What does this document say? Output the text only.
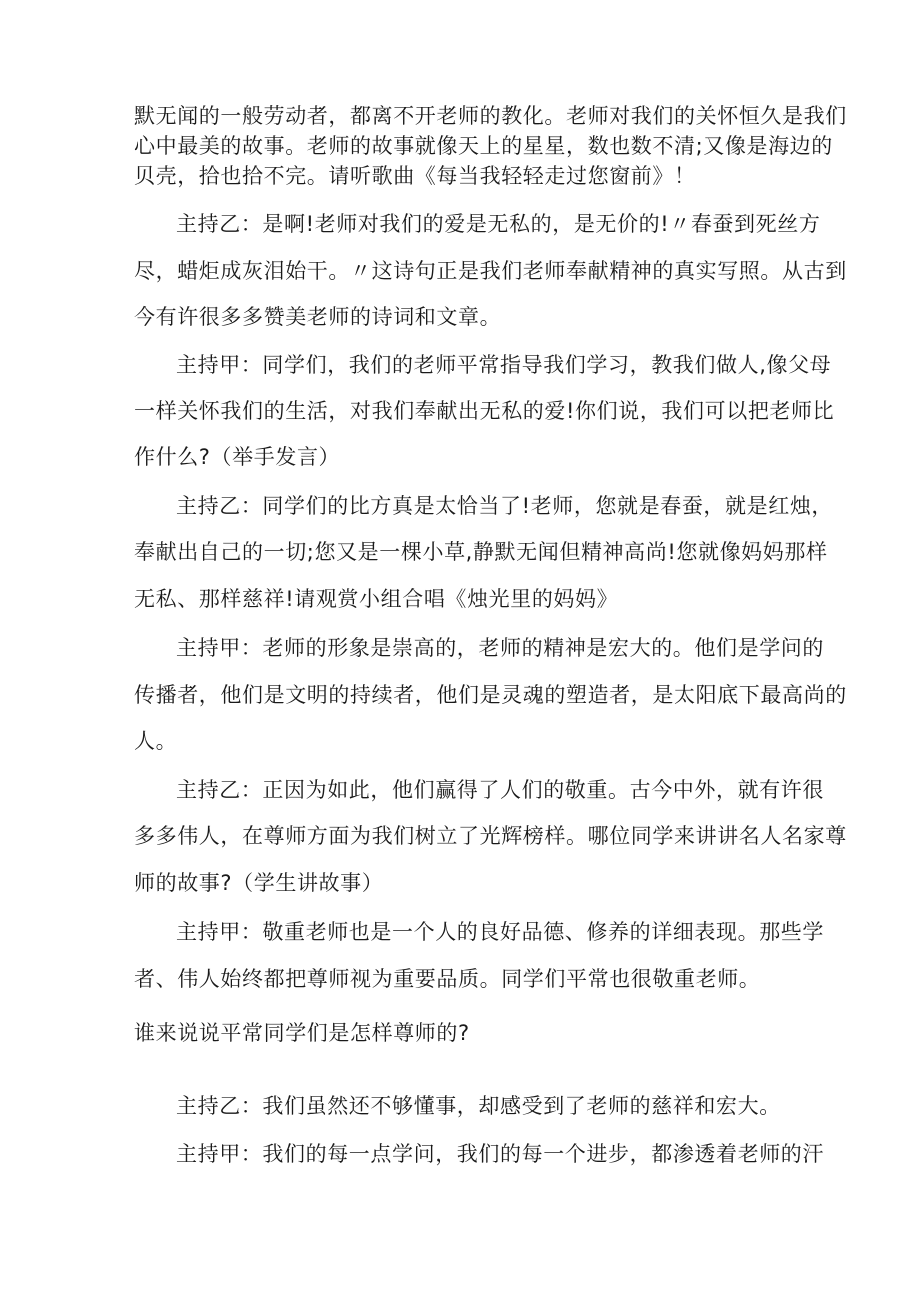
默无闻的一般劳动者，都离不开老师的教化。老师对我们的关怀恒久是我们
心中最美的故事。老师的故事就像天上的星星，数也数不清;又像是海边的
贝壳，拾也拾不完。请听歌曲《每当我轻轻走过您窗前》！
主持乙：是啊!老师对我们的爱是无私的，是无价的!〃春蚕到死丝方
尽，蜡炬成灰泪始干。〃这诗句正是我们老师奉献精神的真实写照。从古到
今有许很多多赞美老师的诗词和文章。
主持甲：同学们，我们的老师平常指导我们学习，教我们做人,像父母
一样关怀我们的生活，对我们奉献出无私的爱!你们说，我们可以把老师比
作什么?（举手发言）
主持乙：同学们的比方真是太恰当了!老师，您就是春蚕，就是红烛，
奉献出自己的一切;您又是一棵小草,静默无闻但精神高尚!您就像妈妈那样
无私、那样慈祥!请观赏小组合唱《烛光里的妈妈》
主持甲：老师的形象是崇高的，老师的精神是宏大的。他们是学问的
传播者，他们是文明的持续者，他们是灵魂的塑造者，是太阳底下最高尚的
人。
主持乙：正因为如此，他们赢得了人们的敬重。古今中外，就有许很
多多伟人，在尊师方面为我们树立了光辉榜样。哪位同学来讲讲名人名家尊
师的故事?（学生讲故事）
主持甲：敬重老师也是一个人的良好品德、修养的详细表现。那些学
者、伟人始终都把尊师视为重要品质。同学们平常也很敬重老师。
谁来说说平常同学们是怎样尊师的?
主持乙：我们虽然还不够懂事，却感受到了老师的慈祥和宏大。
主持甲：我们的每一点学问，我们的每一个进步，都渗透着老师的汗
